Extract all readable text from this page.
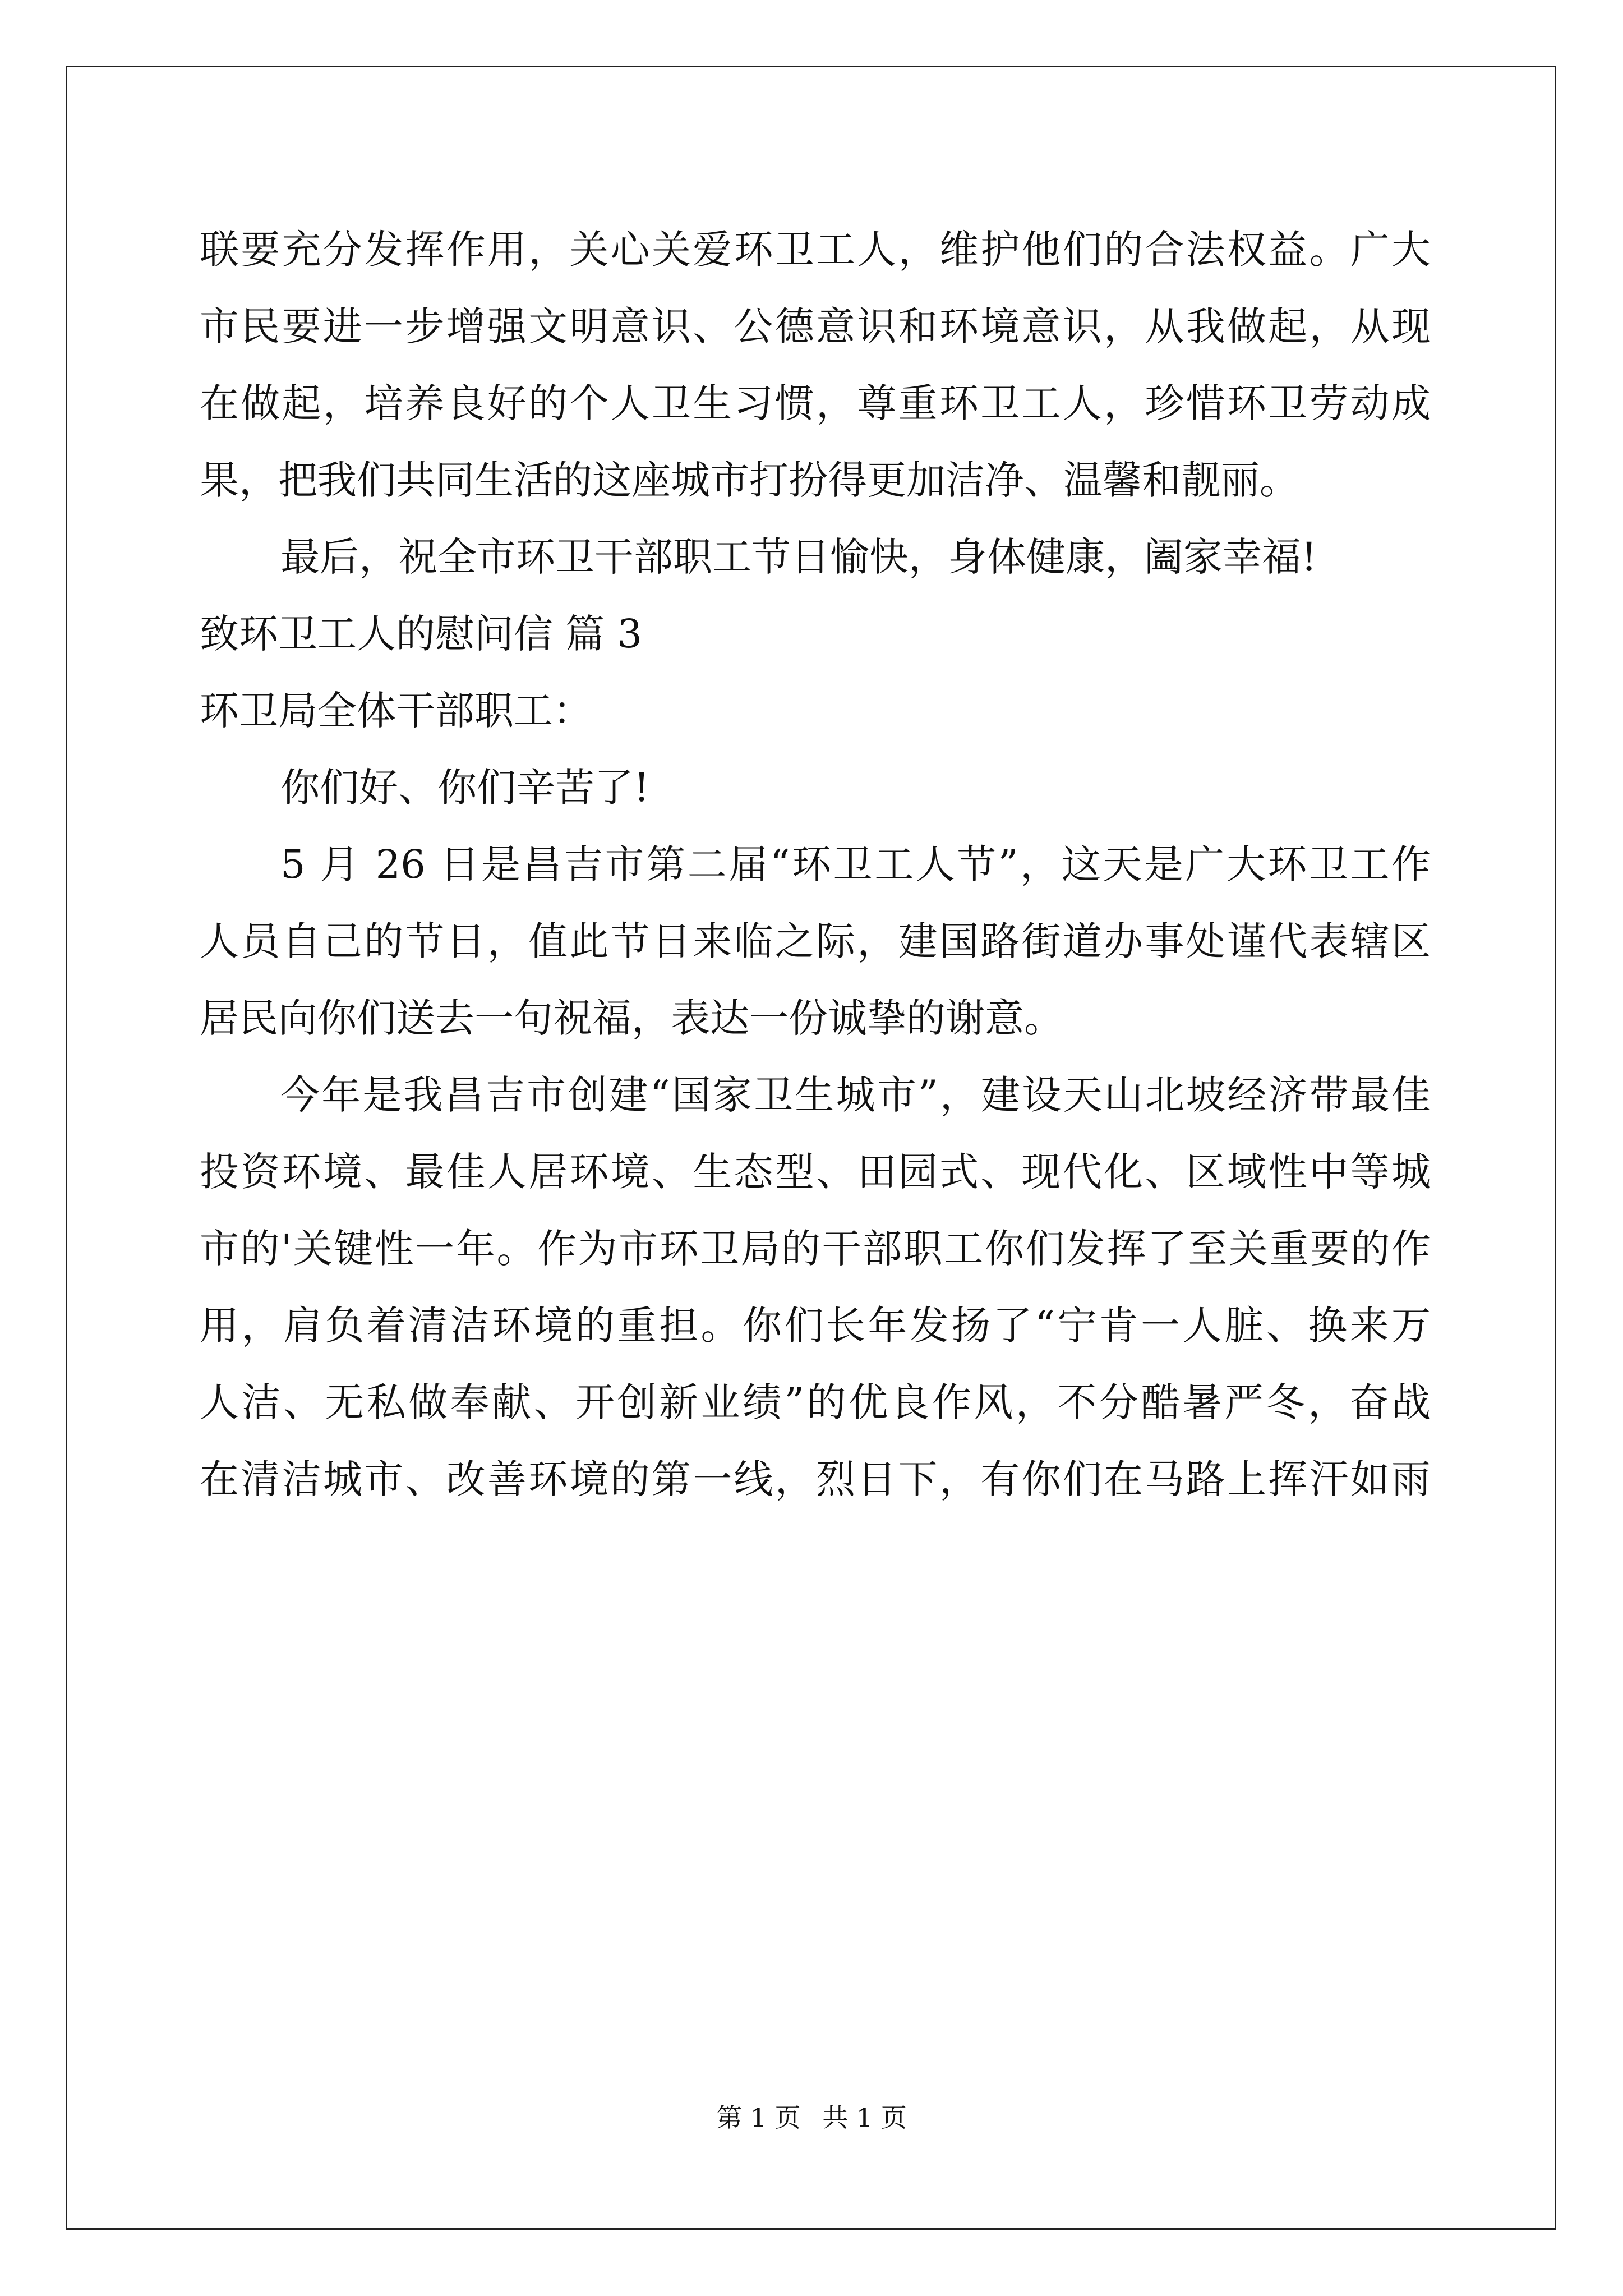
联要充分发挥作用，关心关爱环卫工人，维护他们的合法权益。广大
市民要进一步增强文明意识、公德意识和环境意识，从我做起，从现
在做起，培养良好的个人卫生习惯，尊重环卫工人，珍惜环卫劳动成
果，把我们共同生活的这座城市打扮得更加洁净、温馨和靓丽。
最后，祝全市环卫干部职工节日愉快，身体健康，阖家幸福!
致环卫工人的慰问信 篇 3
环卫局全体干部职工：
你们好、你们辛苦了!
5 月 26 日是昌吉市第二届“环卫工人节”，这天是广大环卫工作
人员自己的节日，值此节日来临之际，建国路街道办事处谨代表辖区
居民向你们送去一句祝福，表达一份诚挚的谢意。
今年是我昌吉市创建“国家卫生城市”，建设天山北坡经济带最佳
投资环境、最佳人居环境、生态型、田园式、现代化、区域性中等城
市的'关键性一年。作为市环卫局的干部职工你们发挥了至关重要的作
用，肩负着清洁环境的重担。你们长年发扬了“宁肯一人脏、换来万
人洁、无私做奉献、开创新业绩”的优良作风，不分酷暑严冬，奋战
在清洁城市、改善环境的第一线，烈日下，有你们在马路上挥汗如雨
第 1 页 共 1 页
